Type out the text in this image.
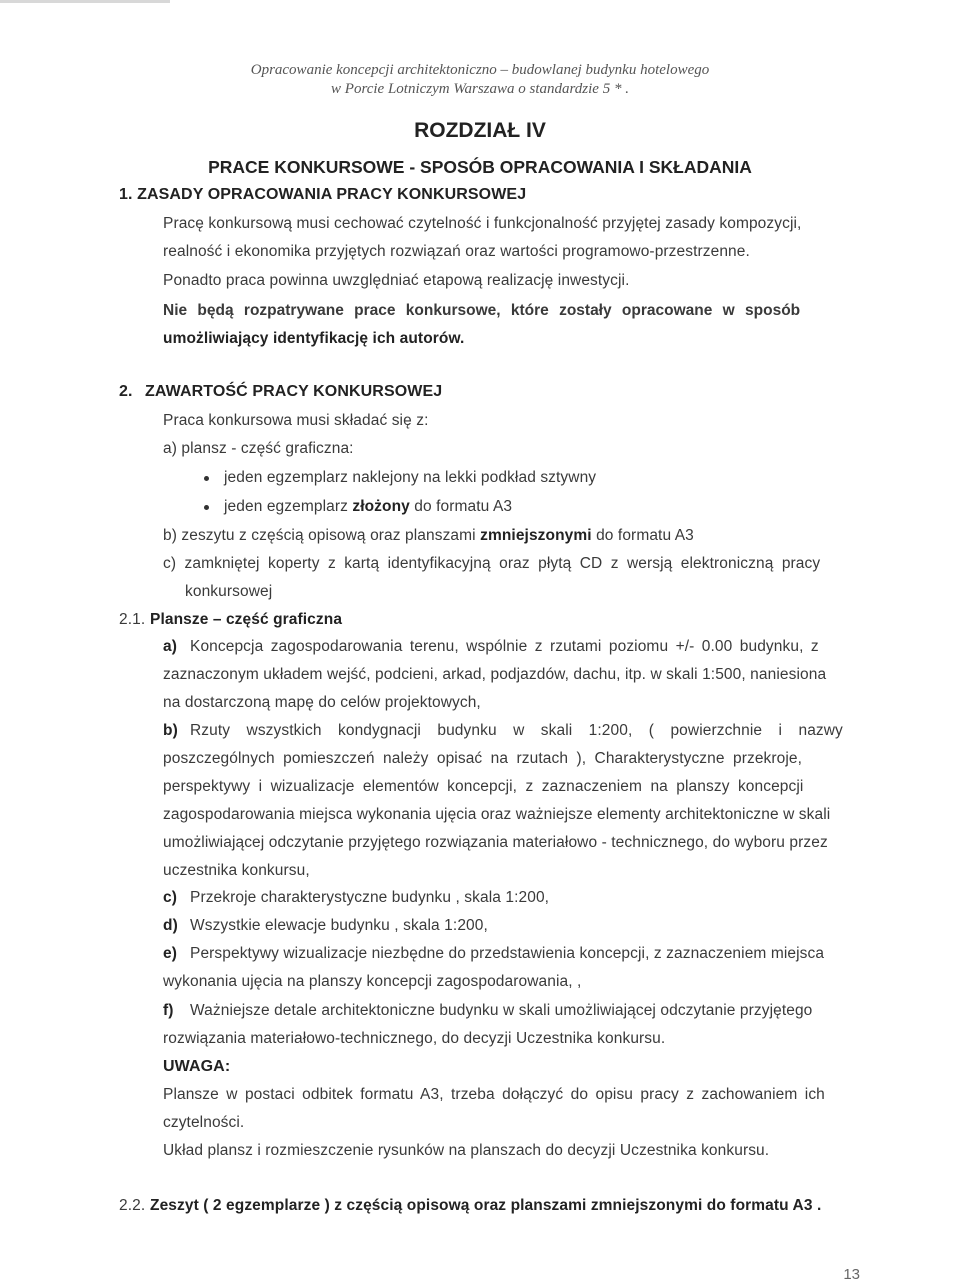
Opracowanie koncepcji architektoniczno – budowlanej budynku hotelowego
w Porcie Lotniczym Warszawa o standardzie 5 * .
ROZDZIAŁ IV
PRACE KONKURSOWE - SPOSÓB OPRACOWANIA I SKŁADANIA
1. ZASADY OPRACOWANIA PRACY KONKURSOWEJ
Pracę konkursową musi cechować czytelność i funkcjonalność przyjętej zasady kompozycji,
realność i ekonomika przyjętych rozwiązań oraz wartości programowo-przestrzenne.
Ponadto praca powinna uwzględniać etapową realizację inwestycji.
Nie będą rozpatrywane prace konkursowe, które zostały opracowane w sposób
umożliwiający identyfikację ich autorów.
2. ZAWARTOŚĆ PRACY KONKURSOWEJ
Praca konkursowa musi składać się z:
a) plansz - część graficzna:
jeden egzemplarz naklejony na lekki podkład sztywny
jeden egzemplarz złożony do formatu A3
b) zeszytu z częścią opisową oraz planszami zmniejszonymi do formatu A3
c) zamkniętej koperty z kartą identyfikacyjną oraz płytą CD z wersją elektroniczną pracy
konkursowej
2.1. Plansze – część graficzna
a) Koncepcja zagospodarowania terenu, wspólnie z rzutami poziomu +/- 0.00 budynku, z
zaznaczonym układem wejść, podcieni, arkad, podjazdów, dachu, itp. w skali 1:500, naniesiona
na dostarczoną mapę do celów projektowych,
b) Rzuty wszystkich kondygnacji budynku w skali 1:200, ( powierzchnie i nazwy
poszczególnych pomieszczeń należy opisać na rzutach ), Charakterystyczne przekroje,
perspektywy i wizualizacje elementów koncepcji, z zaznaczeniem na planszy koncepcji
zagospodarowania miejsca wykonania ujęcia oraz ważniejsze elementy architektoniczne w skali
umożliwiającej odczytanie przyjętego rozwiązania materiałowo - technicznego, do wyboru przez
uczestnika konkursu,
c) Przekroje charakterystyczne budynku , skala 1:200,
d) Wszystkie elewacje budynku , skala 1:200,
e) Perspektywy wizualizacje niezbędne do przedstawienia koncepcji, z zaznaczeniem miejsca
wykonania ujęcia na planszy koncepcji zagospodarowania, ,
f) Ważniejsze detale architektoniczne budynku w skali umożliwiającej odczytanie przyjętego
rozwiązania materiałowo-technicznego, do decyzji Uczestnika konkursu.
UWAGA:
Plansze w postaci odbitek formatu A3, trzeba dołączyć do opisu pracy z zachowaniem ich
czytelności.
Układ plansz i rozmieszczenie rysunków na planszach do decyzji Uczestnika konkursu.
2.2. Zeszyt ( 2 egzemplarze ) z częścią opisową oraz planszami zmniejszonymi do formatu A3 .
13
